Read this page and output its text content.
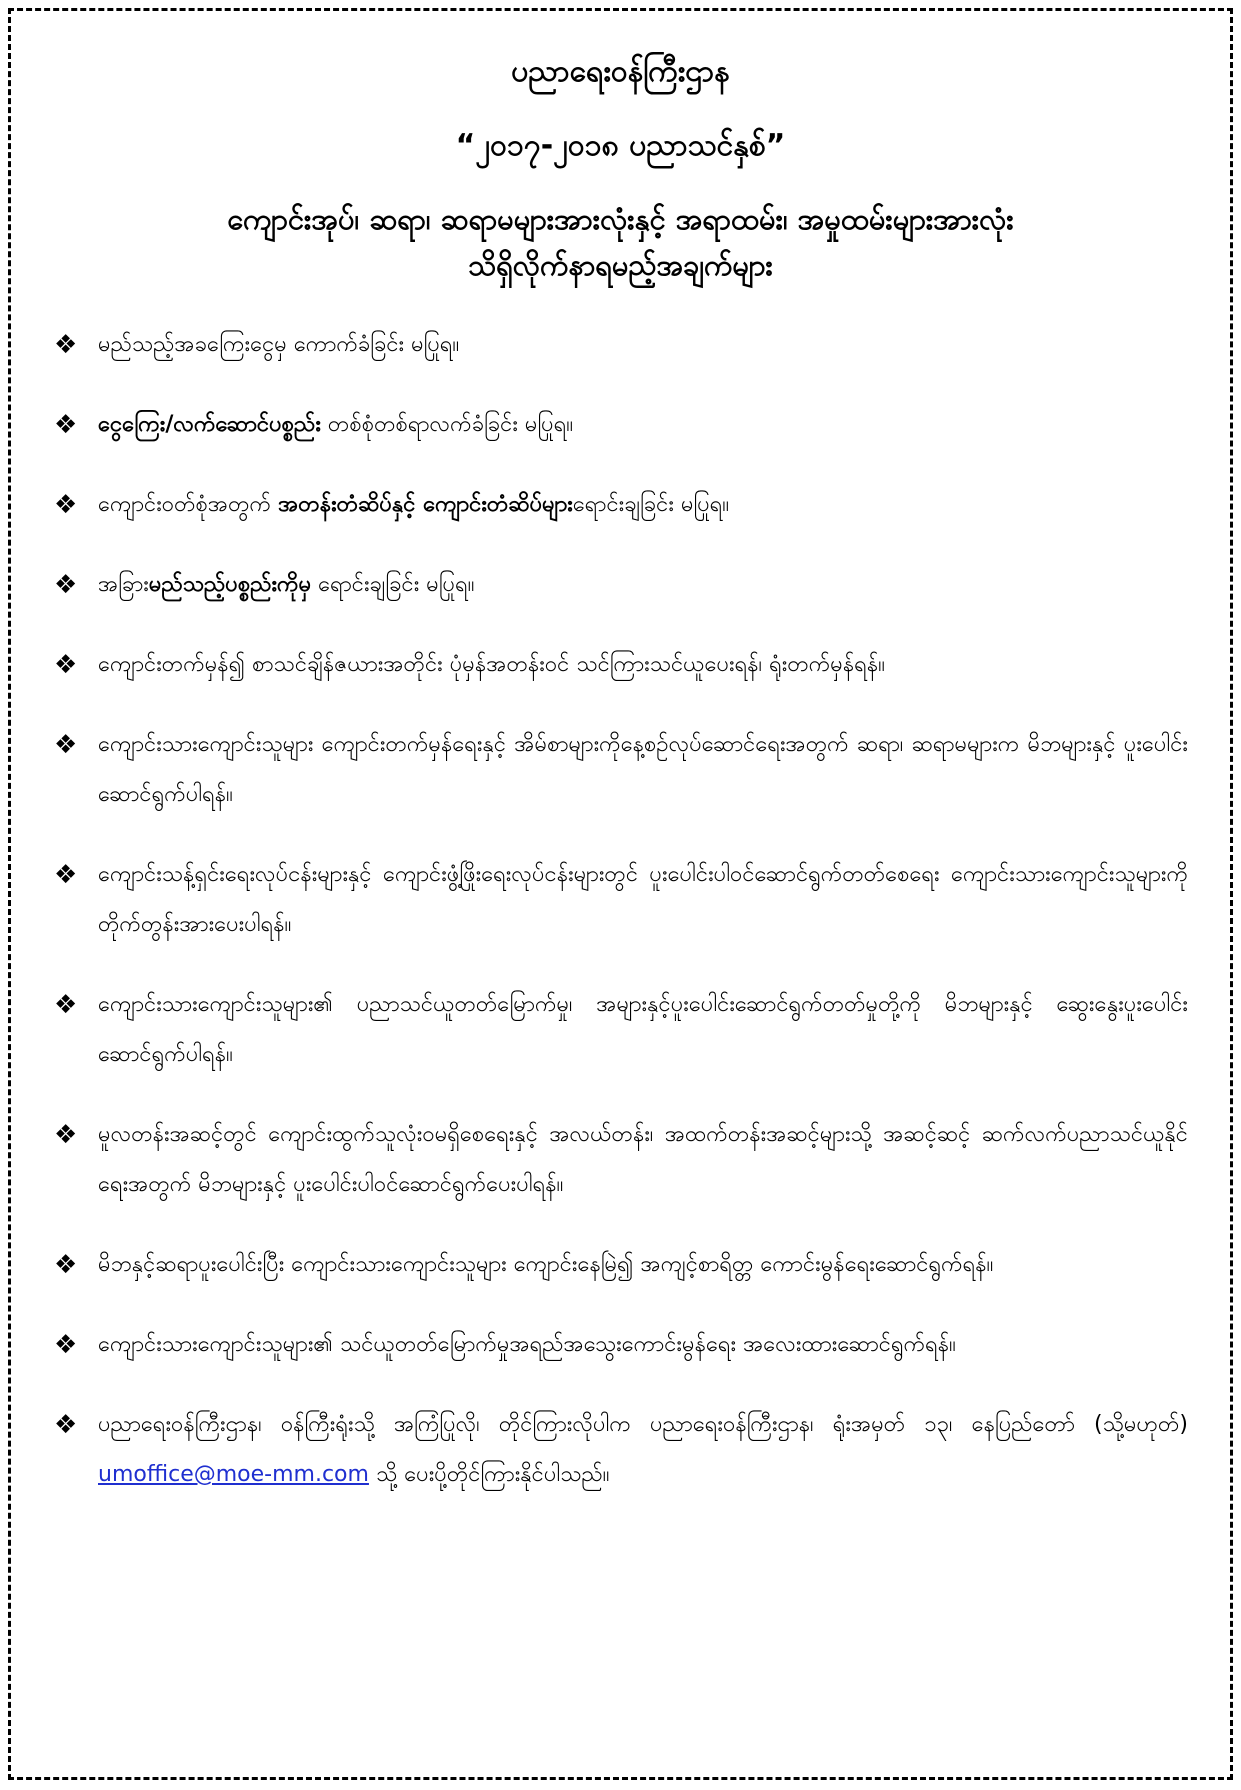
ပညာရေးဝန်ကြီးဌာန
“၂၀၁၇-၂၀၁၈ ပညာသင်နှစ်”
ကျောင်းအုပ်၊ ဆရာ၊ ဆရာမများအားလုံးနှင့် အရာထမ်း၊ အမှုထမ်းများအားလုံး
သိရှိလိုက်နာရမည့်အချက်များ
❖ မည်သည့်အခကြေးငွေမှ ကောက်ခံခြင်း မပြုရ။
❖ ငွေကြေး/လက်ဆောင်ပစ္စည်း တစ်စုံတစ်ရာလက်ခံခြင်း မပြုရ။
❖ ကျောင်းဝတ်စုံအတွက် အတန်းတံဆိပ်နှင့် ကျောင်းတံဆိပ်များရောင်းချခြင်း မပြုရ။
❖ အခြားမည်သည့်ပစ္စည်းကိုမှ ရောင်းချခြင်း မပြုရ။
❖ ကျောင်းတက်မှန်၍ စာသင်ချိန်ဇယားအတိုင်း ပုံမှန်အတန်းဝင် သင်ကြားသင်ယူပေးရန်၊ ရုံးတက်မှန်ရန်။
❖ ကျောင်းသားကျောင်းသူများ ကျောင်းတက်မှန်ရေးနှင့် အိမ်စာများကိုနေ့စဉ်လုပ်ဆောင်ရေးအတွက် ဆရာ၊ ဆရာမများက မိဘများနှင့် ပူးပေါင်းဆောင်ရွက်ပါရန်။
❖ ကျောင်းသန့်ရှင်းရေးလုပ်ငန်းများနှင့် ကျောင်းဖွံ့ဖြိုးရေးလုပ်ငန်းများတွင် ပူးပေါင်းပါဝင်ဆောင်ရွက်တတ်စေရေး ကျောင်းသားကျောင်းသူများကို တိုက်တွန်းအားပေးပါရန်။
❖ ကျောင်းသားကျောင်းသူများ၏ ပညာသင်ယူတတ်မြောက်မှု၊ အများနှင့်ပူးပေါင်းဆောင်ရွက်တတ်မှုတို့ကို မိဘများနှင့် ဆွေးနွေးပူးပေါင်းဆောင်ရွက်ပါရန်။
❖ မူလတန်းအဆင့်တွင် ကျောင်းထွက်သူလုံးဝမရှိစေရေးနှင့် အလယ်တန်း၊ အထက်တန်းအဆင့်များသို့ အဆင့်ဆင့် ဆက်လက်ပညာသင်ယူနိုင်ရေးအတွက် မိဘများနှင့် ပူးပေါင်းပါဝင်ဆောင်ရွက်ပေးပါရန်။
❖ မိဘနှင့်ဆရာပူးပေါင်းပြီး ကျောင်းသားကျောင်းသူများ ကျောင်းနေမြဲ၍ အကျင့်စာရိတ္တ ကောင်းမွန်ရေးဆောင်ရွက်ရန်။
❖ ကျောင်းသားကျောင်းသူများ၏ သင်ယူတတ်မြောက်မှုအရည်အသွေးကောင်းမွန်ရေး အလေးထားဆောင်ရွက်ရန်။
❖ ပညာရေးဝန်ကြီးဌာန၊ ဝန်ကြီးရုံးသို့ အကြံပြုလို၊ တိုင်ကြားလိုပါက ပညာရေးဝန်ကြီးဌာန၊ ရုံးအမှတ် ၁၃၊ နေပြည်တော် (သို့မဟုတ်) umoffice@moe-mm.com သို့ ပေးပို့တိုင်ကြားနိုင်ပါသည်။
